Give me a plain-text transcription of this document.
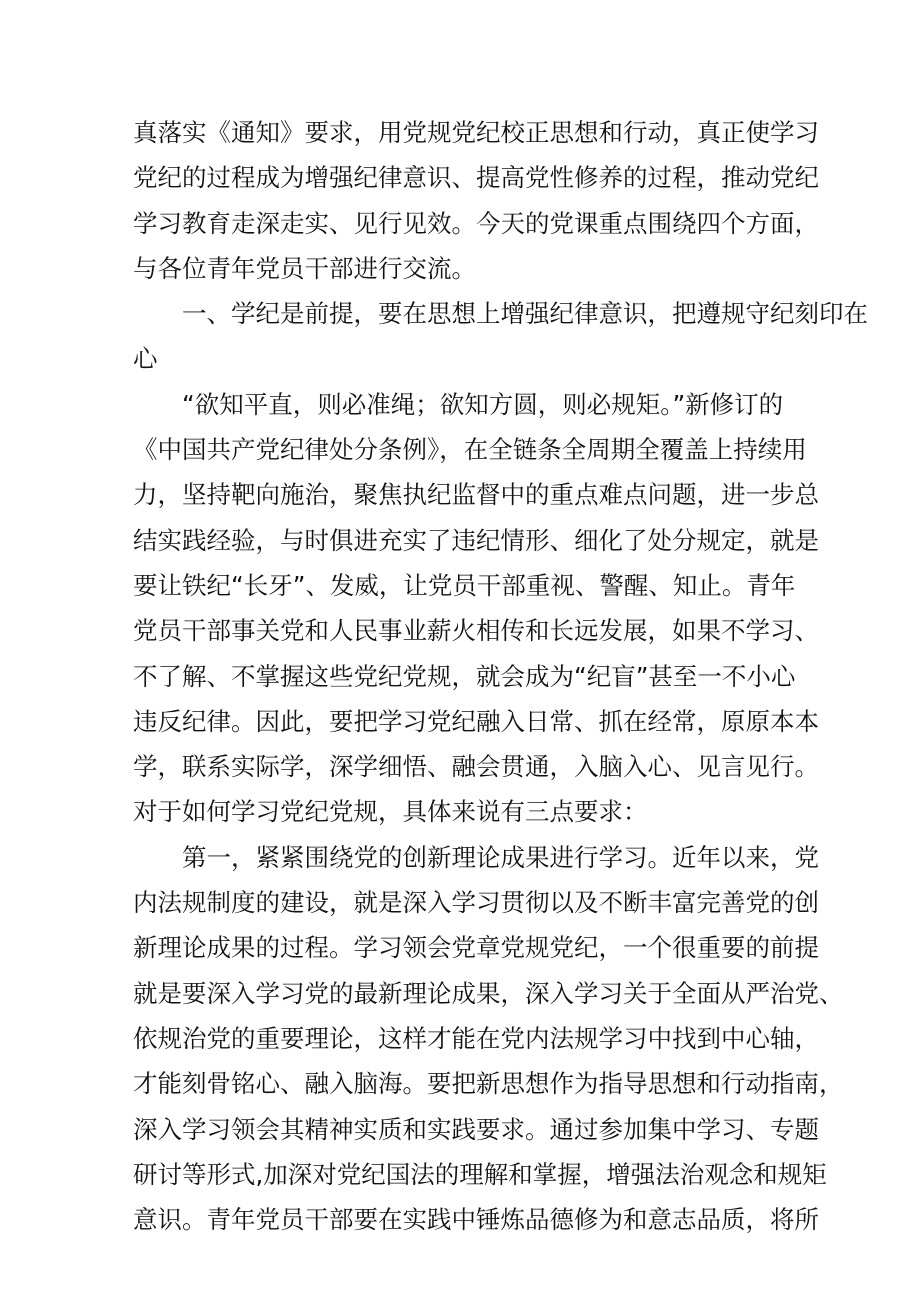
真落实《通知》要求，用党规党纪校正思想和行动，真正使学习
党纪的过程成为增强纪律意识、提高党性修养的过程，推动党纪
学习教育走深走实、见行见效。今天的党课重点围绕四个方面，
与各位青年党员干部进行交流。
　　一、学纪是前提，要在思想上增强纪律意识，把遵规守纪刻印在
心
　　“欲知平直，则必准绳；欲知方圆，则必规矩。”新修订的
《中国共产党纪律处分条例》，在全链条全周期全覆盖上持续用
力，坚持靶向施治，聚焦执纪监督中的重点难点问题，进一步总
结实践经验，与时俱进充实了违纪情形、细化了处分规定，就是
要让铁纪“长牙”、发威，让党员干部重视、警醒、知止。青年
党员干部事关党和人民事业薪火相传和长远发展，如果不学习、
不了解、不掌握这些党纪党规，就会成为“纪盲”甚至一不小心
违反纪律。因此，要把学习党纪融入日常、抓在经常，原原本本
学，联系实际学，深学细悟、融会贯通，入脑入心、见言见行。
对于如何学习党纪党规，具体来说有三点要求：
　　第一，紧紧围绕党的创新理论成果进行学习。近年以来，党
内法规制度的建设，就是深入学习贯彻以及不断丰富完善党的创
新理论成果的过程。学习领会党章党规党纪，一个很重要的前提
就是要深入学习党的最新理论成果，深入学习关于全面从严治党、
依规治党的重要理论，这样才能在党内法规学习中找到中心轴，
才能刻骨铭心、融入脑海。要把新思想作为指导思想和行动指南，
深入学习领会其精神实质和实践要求。通过参加集中学习、专题
研讨等形式,加深对党纪国法的理解和掌握，增强法治观念和规矩
意识。青年党员干部要在实践中锤炼品德修为和意志品质，将所
